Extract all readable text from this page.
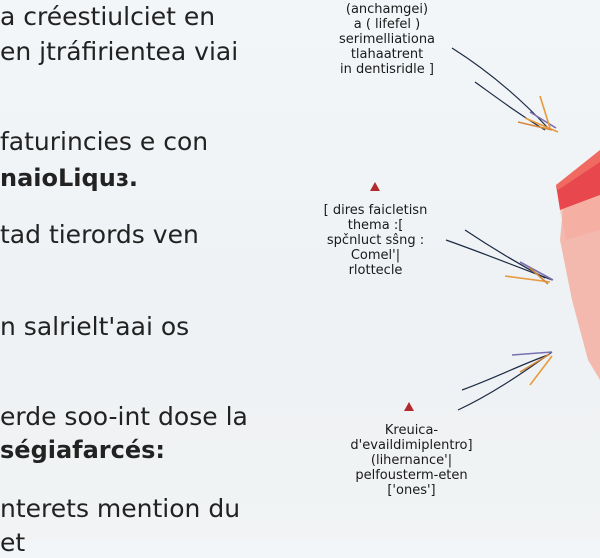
a créestiulciet en
en jtráfirientea viai
faturincies e con
naioLiquɜ.
tad tierords ven
n salrielt'aai os
erde soo-int dose la
ségiafarcés:
nterets mention du
et
(anchamgei)
a ( lifefel )
serimelliationa
tlahaatrent
in dentisridle ]
[ dires faicletisn
thema :[
spčnluct sŝng :
Comel'|
rlottecle
Kreuica-
d'evaildimiplentro]
(lihernance'|
pelfousterm-eten
['ones']
